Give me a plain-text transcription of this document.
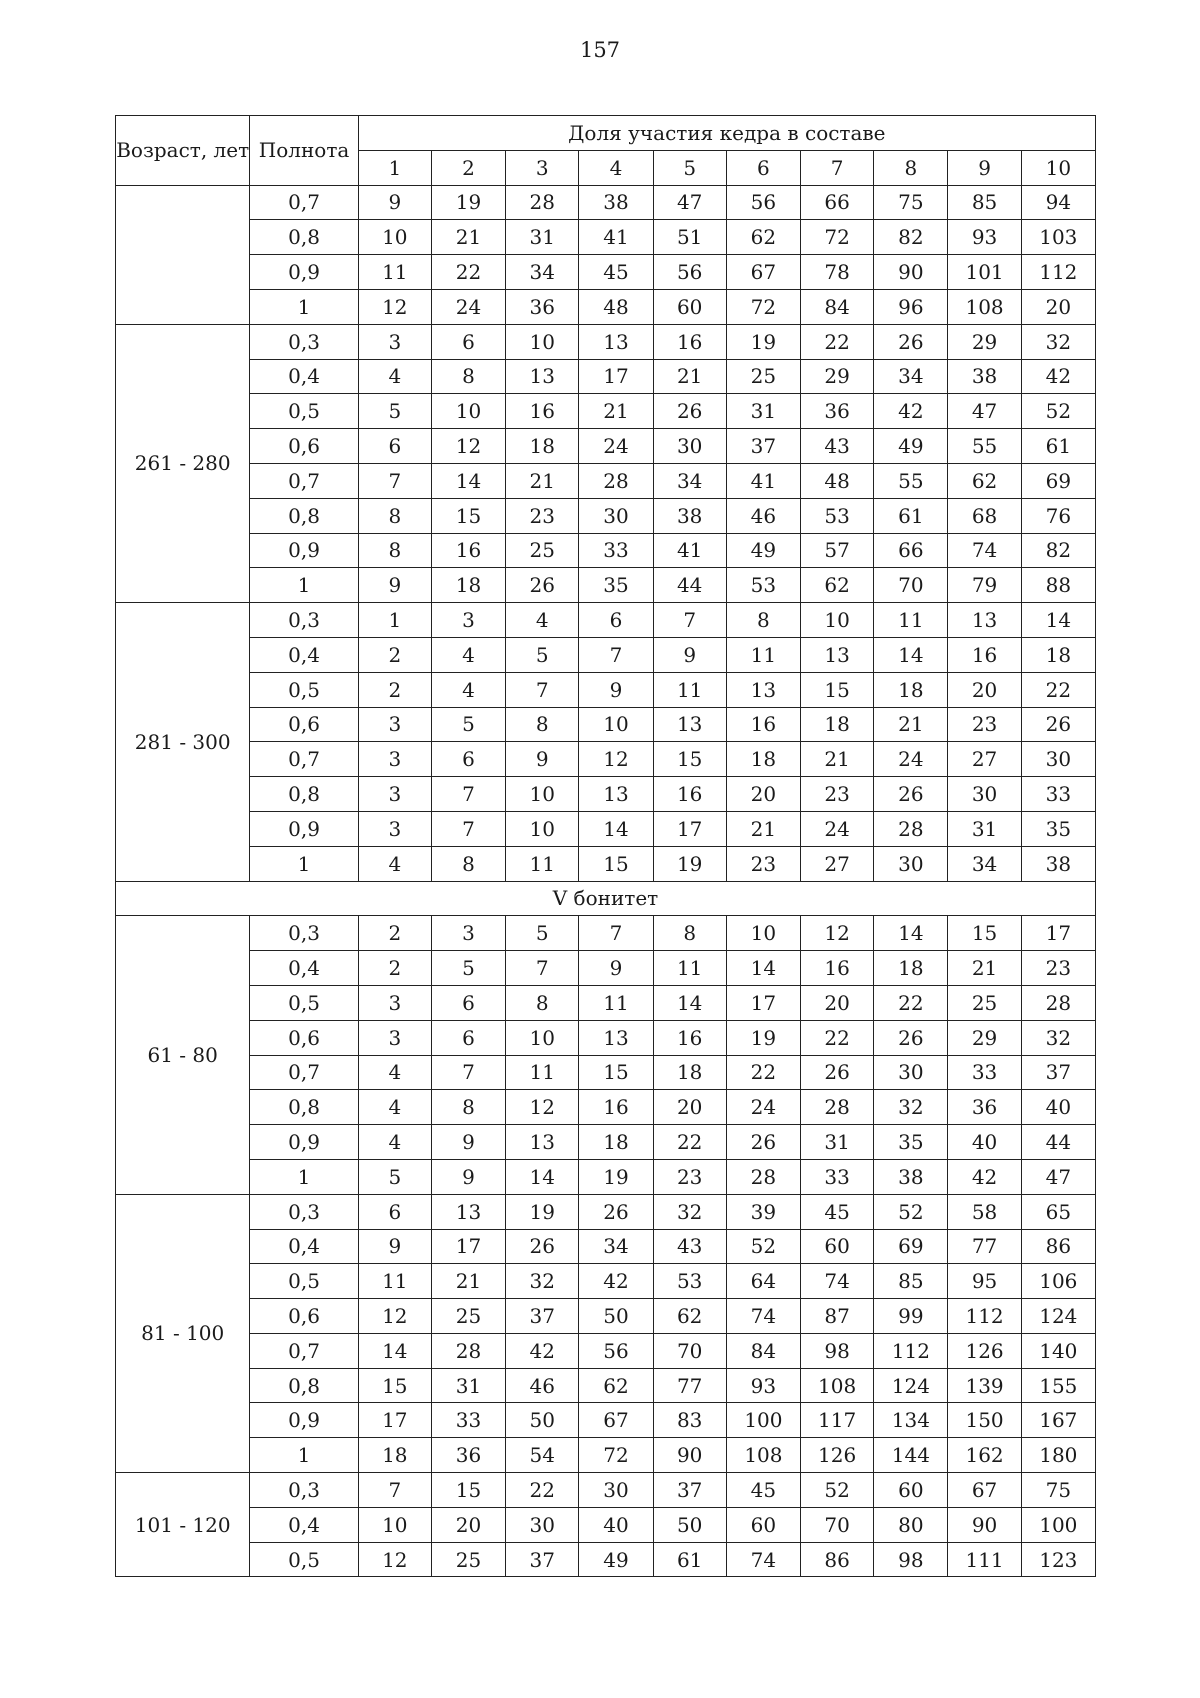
157
Возраст, лет	Полнота	Доля участия кедра в составе									
		1	2	3	4	5	6	7	8	9	10
	0,7	9	19	28	38	47	56	66	75	85	94
	0,8	10	21	31	41	51	62	72	82	93	103
	0,9	11	22	34	45	56	67	78	90	101	112
	1	12	24	36	48	60	72	84	96	108	20
261 - 280	0,3	3	6	10	13	16	19	22	26	29	32
	0,4	4	8	13	17	21	25	29	34	38	42
	0,5	5	10	16	21	26	31	36	42	47	52
	0,6	6	12	18	24	30	37	43	49	55	61
	0,7	7	14	21	28	34	41	48	55	62	69
	0,8	8	15	23	30	38	46	53	61	68	76
	0,9	8	16	25	33	41	49	57	66	74	82
	1	9	18	26	35	44	53	62	70	79	88
281 - 300	0,3	1	3	4	6	7	8	10	11	13	14
	0,4	2	4	5	7	9	11	13	14	16	18
	0,5	2	4	7	9	11	13	15	18	20	22
	0,6	3	5	8	10	13	16	18	21	23	26
	0,7	3	6	9	12	15	18	21	24	27	30
	0,8	3	7	10	13	16	20	23	26	30	33
	0,9	3	7	10	14	17	21	24	28	31	35
	1	4	8	11	15	19	23	27	30	34	38
V бонитет											
61 - 80	0,3	2	3	5	7	8	10	12	14	15	17
	0,4	2	5	7	9	11	14	16	18	21	23
	0,5	3	6	8	11	14	17	20	22	25	28
	0,6	3	6	10	13	16	19	22	26	29	32
	0,7	4	7	11	15	18	22	26	30	33	37
	0,8	4	8	12	16	20	24	28	32	36	40
	0,9	4	9	13	18	22	26	31	35	40	44
	1	5	9	14	19	23	28	33	38	42	47
81 - 100	0,3	6	13	19	26	32	39	45	52	58	65
	0,4	9	17	26	34	43	52	60	69	77	86
	0,5	11	21	32	42	53	64	74	85	95	106
	0,6	12	25	37	50	62	74	87	99	112	124
	0,7	14	28	42	56	70	84	98	112	126	140
	0,8	15	31	46	62	77	93	108	124	139	155
	0,9	17	33	50	67	83	100	117	134	150	167
	1	18	36	54	72	90	108	126	144	162	180
101 - 120	0,3	7	15	22	30	37	45	52	60	67	75
	0,4	10	20	30	40	50	60	70	80	90	100
	0,5	12	25	37	49	61	74	86	98	111	123
